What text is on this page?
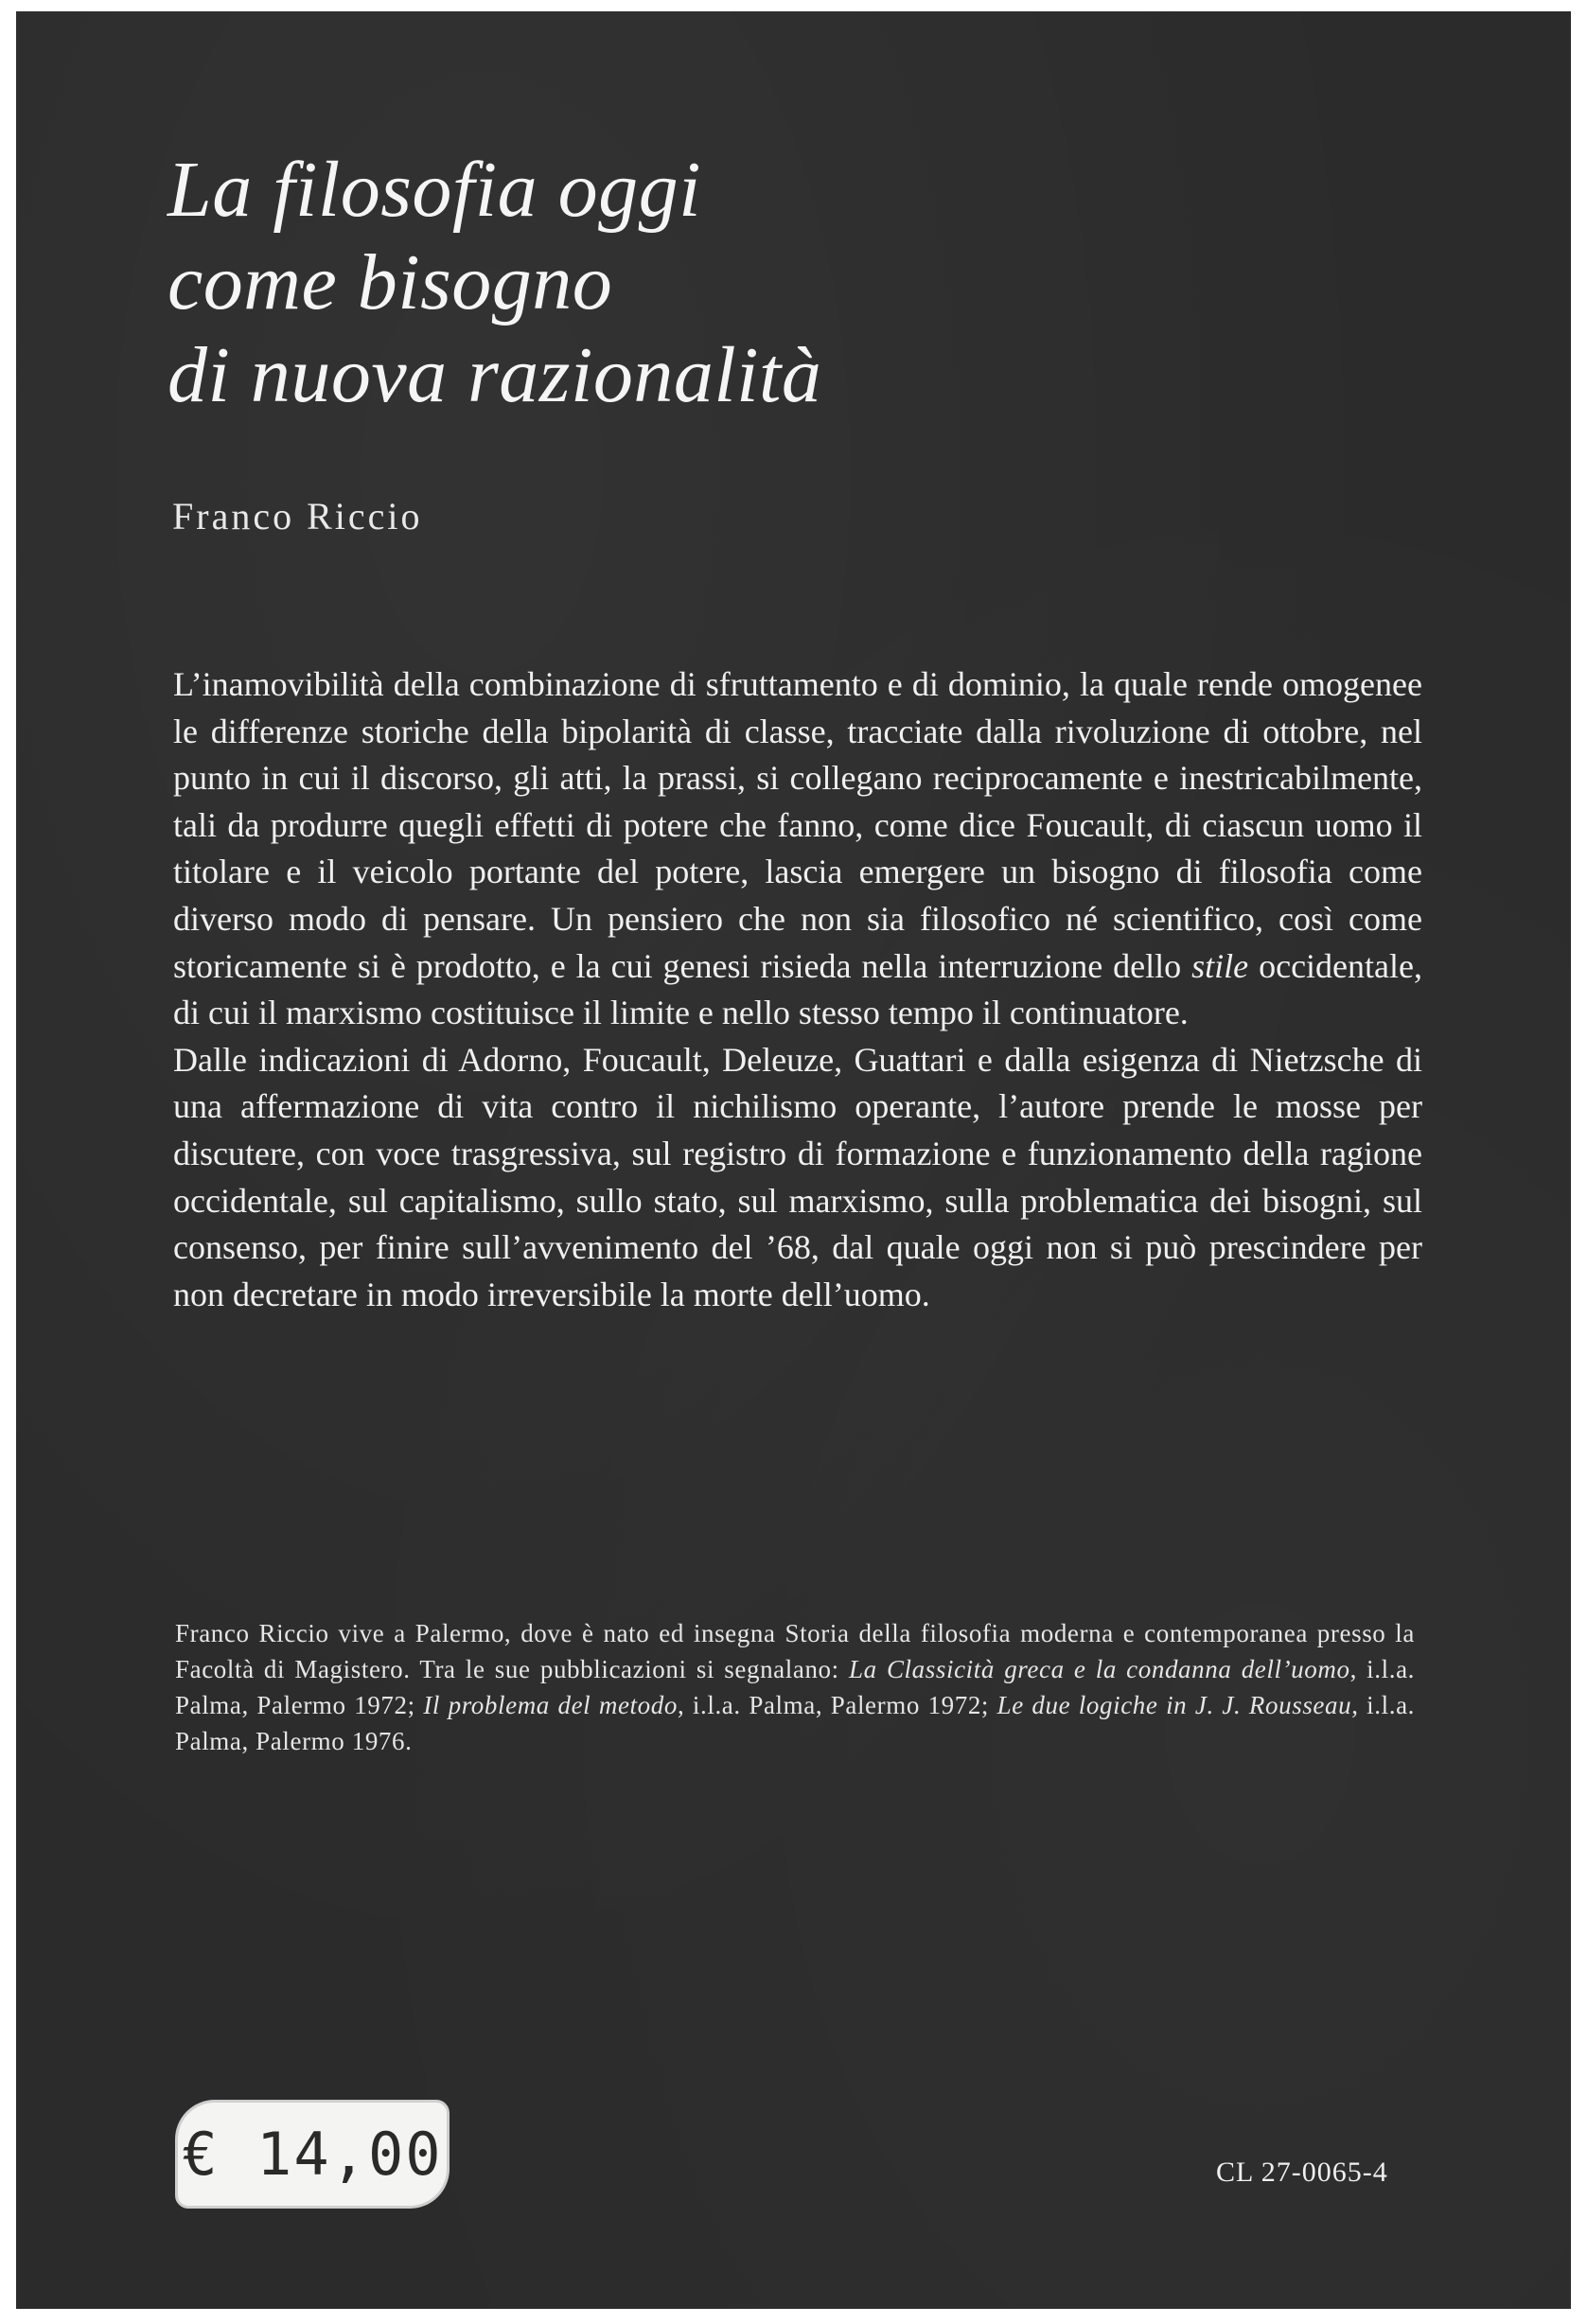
La filosofia oggi
come bisogno
di nuova razionalità
Franco Riccio

L’inamovibilità della combinazione di sfruttamento e di dominio, la quale rende omogenee le differenze storiche della bipolarità di classe, tracciate dalla rivoluzione di ottobre, nel punto in cui il discorso, gli atti, la prassi, si collegano reciprocamente e inestricabilmente, tali da produrre quegli effetti di potere che fanno, come dice Foucault, di ciascun uomo il titolare e il veicolo portante del potere, lascia emergere un bisogno di filosofia come diverso modo di pensare. Un pensiero che non sia filosofico né scientifico, così come storicamente si è prodotto, e la cui genesi risieda nella interruzione dello stile occidentale, di cui il marxismo costituisce il limite e nello stesso tempo il continuatore.

Dalle indicazioni di Adorno, Foucault, Deleuze, Guattari e dalla esigenza di Nietzsche di una affermazione di vita contro il nichilismo operante, l’autore prende le mosse per discutere, con voce trasgressiva, sul registro di formazione e funzionamento della ragione occidentale, sul capitalismo, sullo stato, sul marxismo, sulla problematica dei bisogni, sul consenso, per finire sull’avvenimento del ’68, dal quale oggi non si può prescindere per non decretare in modo irreversibile la morte dell’uomo.

Franco Riccio vive a Palermo, dove è nato ed insegna Storia della filosofia moderna e contemporanea presso la Facoltà di Magistero. Tra le sue pubblicazioni si segnalano: La Classicità greca e la condanna dell’uomo, i.l.a. Palma, Palermo 1972; Il problema del metodo, i.l.a. Palma, Palermo 1972; Le due logiche in J. J. Rousseau, i.l.a. Palma, Palermo 1976.

€ 14,00	CL 27-0065-4
